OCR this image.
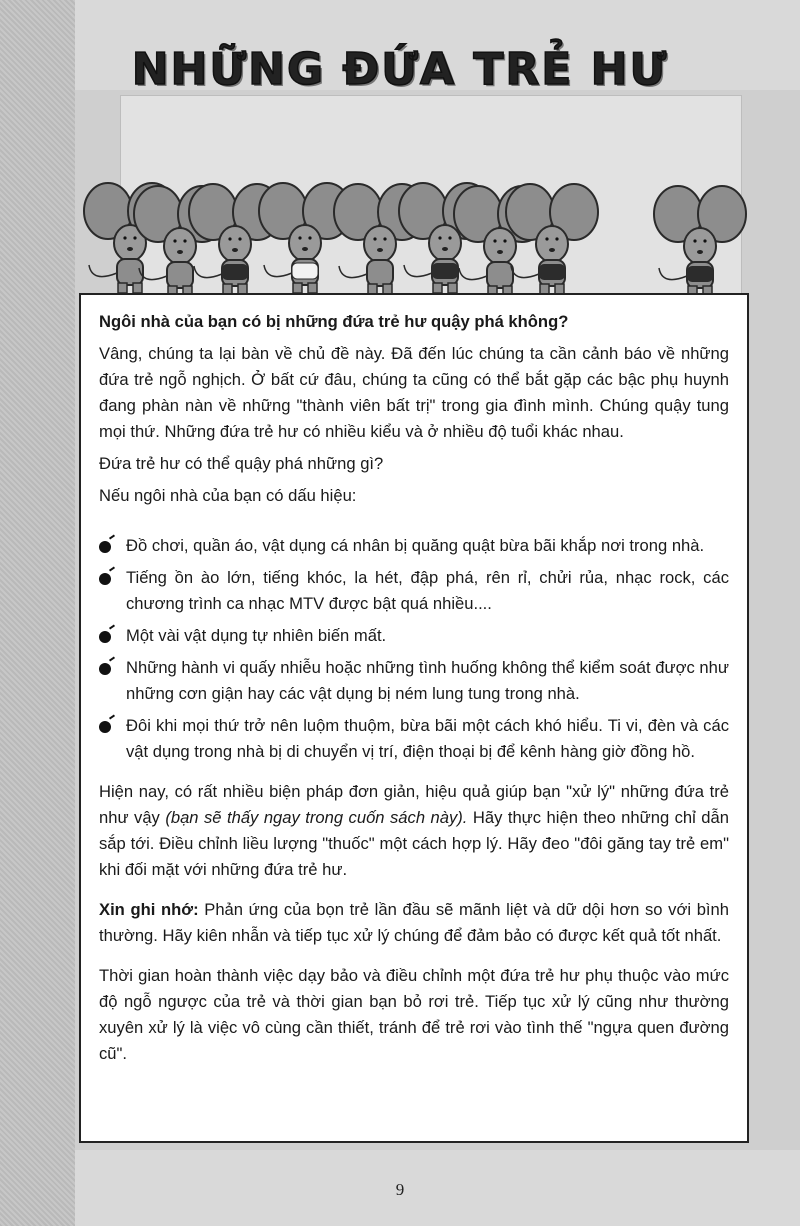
NHỮNG ĐỨA TRẺ HƯ
Ngôi nhà của bạn có bị những đứa trẻ hư quậy phá không?

Vâng, chúng ta lại bàn về chủ đề này. Đã đến lúc chúng ta cần cảnh báo về những đứa trẻ ngỗ nghịch. Ở bất cứ đâu, chúng ta cũng có thể bắt gặp các bậc phụ huynh đang phàn nàn về những "thành viên bất trị" trong gia đình mình. Chúng quậy tung mọi thứ. Những đứa trẻ hư có nhiều kiểu và ở nhiều độ tuổi khác nhau.

Đứa trẻ hư có thể quậy phá những gì?

Nếu ngôi nhà của bạn có dấu hiệu:

Đồ chơi, quần áo, vật dụng cá nhân bị quăng quật bừa bãi khắp nơi trong nhà.
Tiếng ồn ào lớn, tiếng khóc, la hét, đập phá, rên rỉ, chửi rủa, nhạc rock, các chương trình ca nhạc MTV được bật quá nhiều....
Một vài vật dụng tự nhiên biến mất.
Những hành vi quấy nhiễu hoặc những tình huống không thể kiểm soát được như những cơn giận hay các vật dụng bị ném lung tung trong nhà.
Đôi khi mọi thứ trở nên luộm thuộm, bừa bãi một cách khó hiểu. Ti vi, đèn và các vật dụng trong nhà bị di chuyển vị trí, điện thoại bị để kênh hàng giờ đồng hồ.

Hiện nay, có rất nhiều biện pháp đơn giản, hiệu quả giúp bạn "xử lý" những đứa trẻ như vậy (bạn sẽ thấy ngay trong cuốn sách này). Hãy thực hiện theo những chỉ dẫn sắp tới. Điều chỉnh liều lượng "thuốc" một cách hợp lý. Hãy đeo "đôi găng tay trẻ em" khi đối mặt với những đứa trẻ hư.

Xin ghi nhớ: Phản ứng của bọn trẻ lần đầu sẽ mãnh liệt và dữ dội hơn so với bình thường. Hãy kiên nhẫn và tiếp tục xử lý chúng để đảm bảo có được kết quả tốt nhất.

Thời gian hoàn thành việc dạy bảo và điều chỉnh một đứa trẻ hư phụ thuộc vào mức độ ngỗ ngược của trẻ và thời gian bạn bỏ rơi trẻ. Tiếp tục xử lý cũng như thường xuyên xử lý là việc vô cùng cần thiết, tránh để trẻ rơi vào tình thế "ngựa quen đường cũ".

9
